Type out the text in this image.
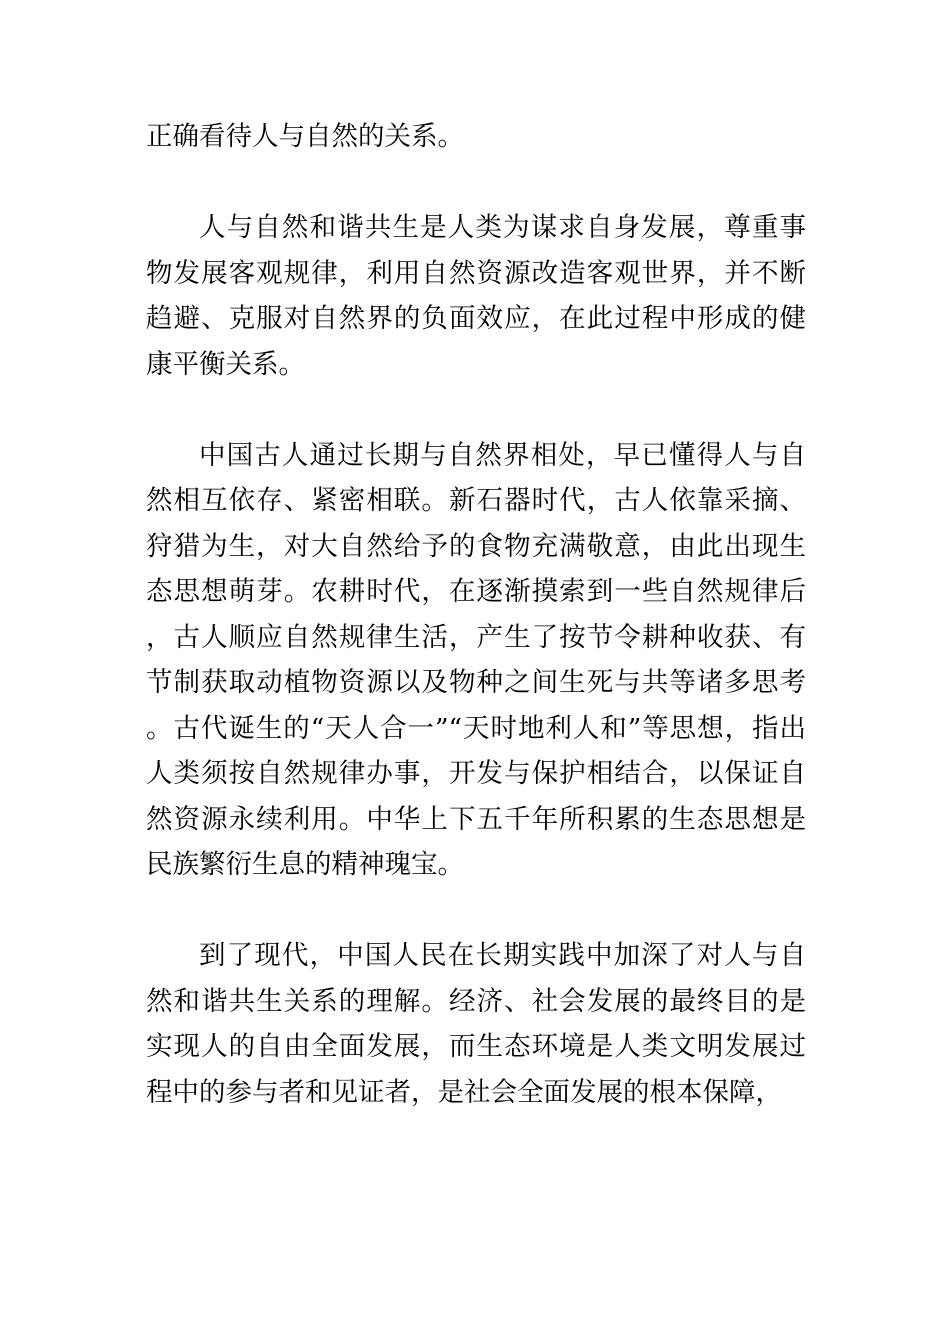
正确看待人与自然的关系。

人与自然和谐共生是人类为谋求自身发展，尊重事物发展客观规律，利用自然资源改造客观世界，并不断趋避、克服对自然界的负面效应，在此过程中形成的健康平衡关系。

中国古人通过长期与自然界相处，早已懂得人与自然相互依存、紧密相联。新石器时代，古人依靠采摘、狩猎为生，对大自然给予的食物充满敬意，由此出现生态思想萌芽。农耕时代，在逐渐摸索到一些自然规律后，古人顺应自然规律生活，产生了按节令耕种收获、有节制获取动植物资源以及物种之间生死与共等诸多思考。古代诞生的“天人合一”“天时地利人和”等思想，指出人类须按自然规律办事，开发与保护相结合，以保证自然资源永续利用。中华上下五千年所积累的生态思想是民族繁衍生息的精神瑰宝。

到了现代，中国人民在长期实践中加深了对人与自然和谐共生关系的理解。经济、社会发展的最终目的是实现人的自由全面发展，而生态环境是人类文明发展过程中的参与者和见证者，是社会全面发展的根本保障，
